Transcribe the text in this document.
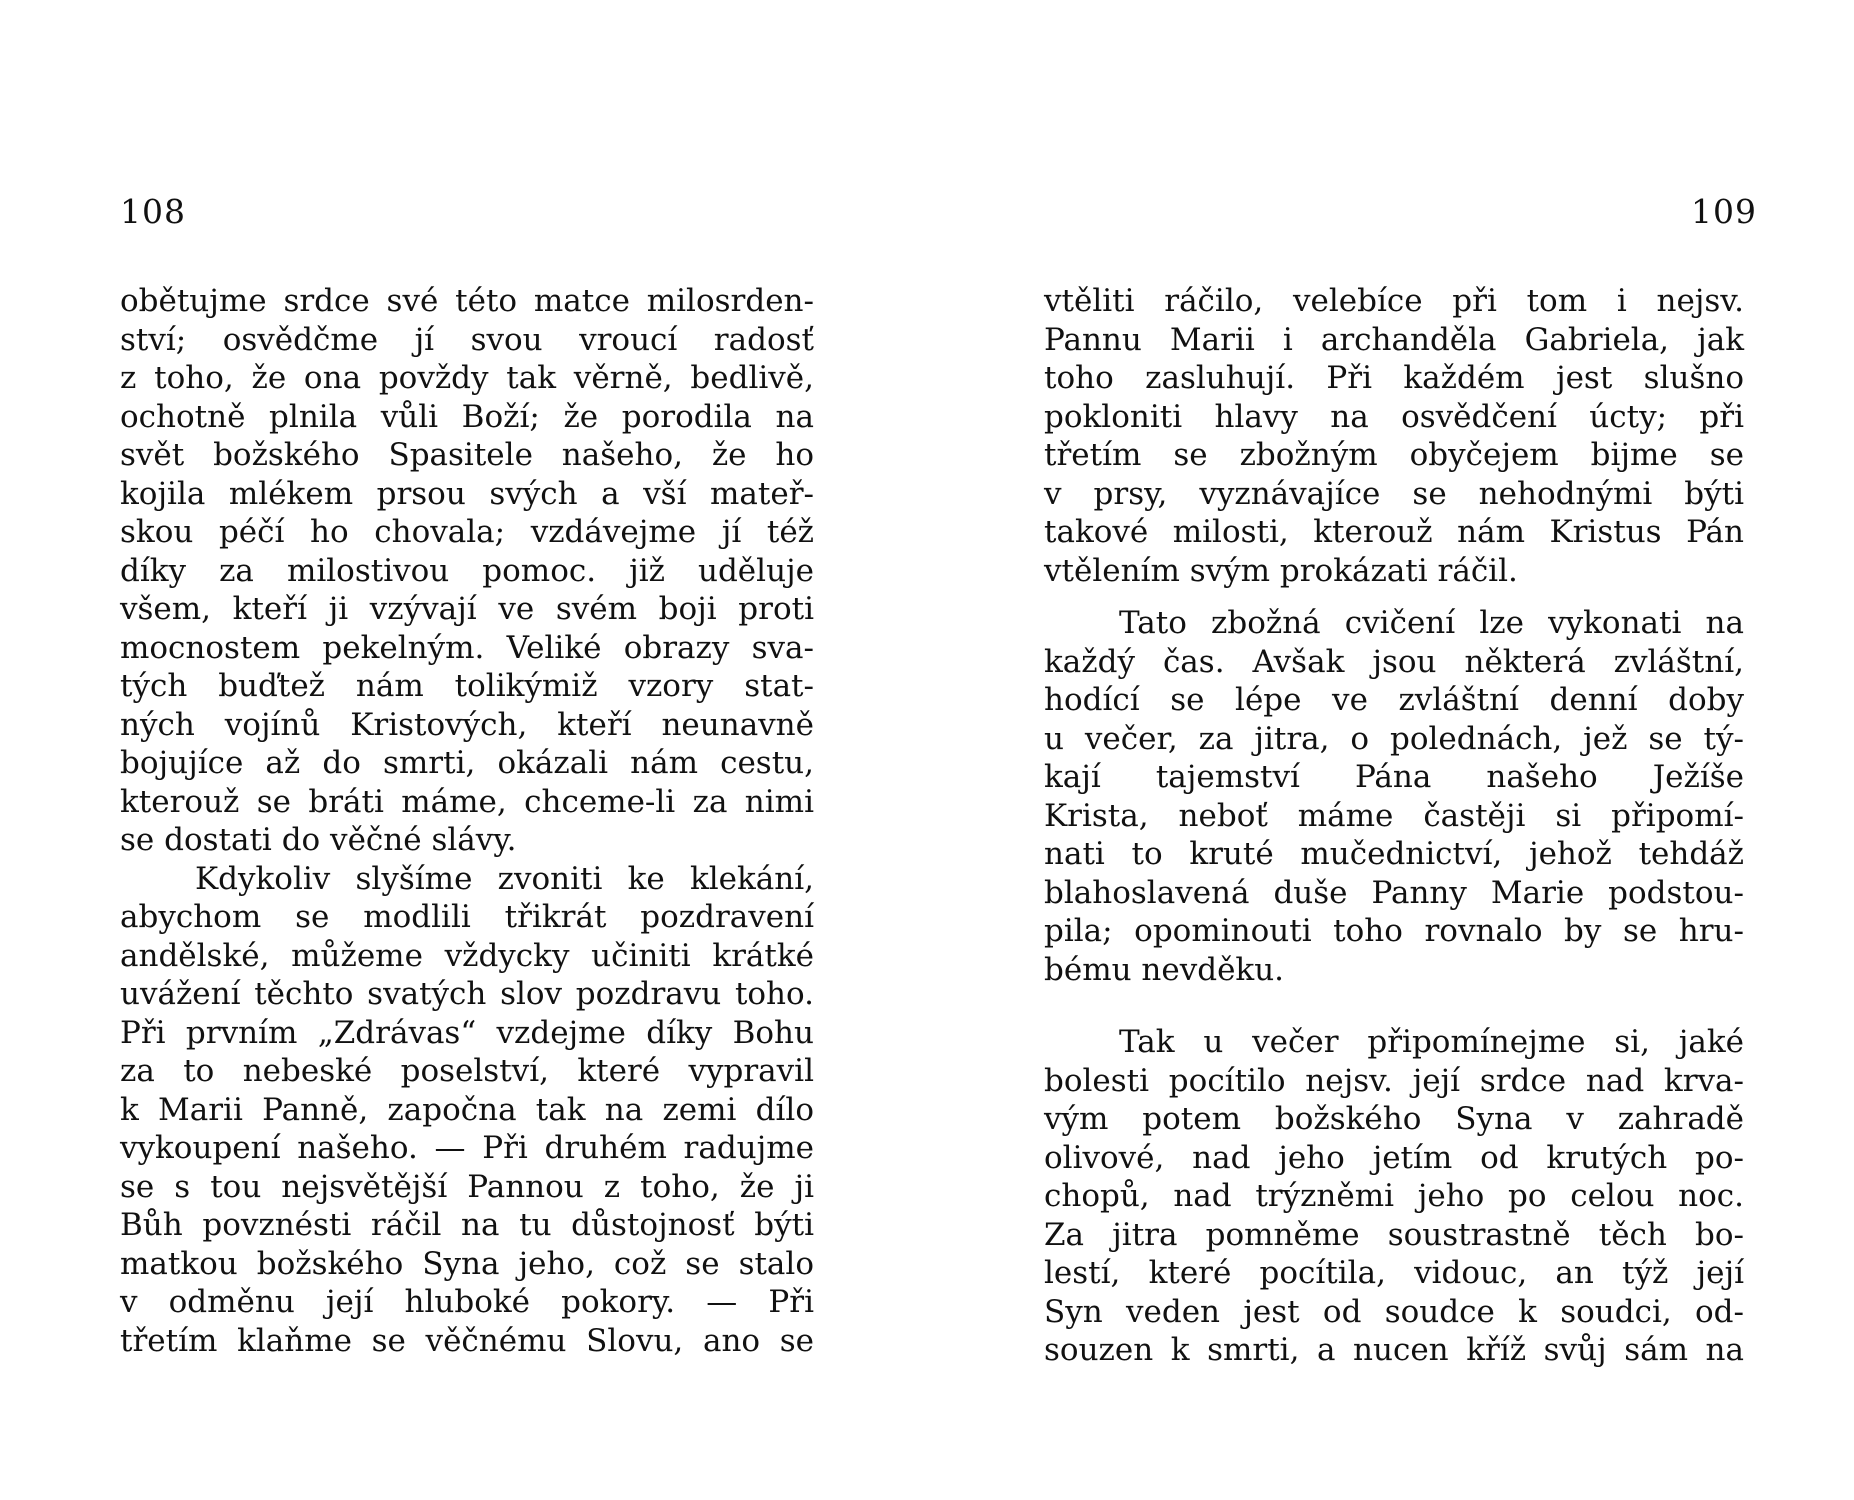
108
obětujme srdce své této matce milosrden-
ství; osvědčme jí svou vroucí radosť
z toho, že ona povždy tak věrně, bedlivě,
ochotně plnila vůli Boží; že porodila na
svět božského Spasitele našeho, že ho
kojila mlékem prsou svých a vší mateř-
skou péčí ho chovala; vzdávejme jí též
díky za milostivou pomoc. již uděluje
všem, kteří ji vzývají ve svém boji proti
mocnostem pekelným. Veliké obrazy sva-
tých buďtež nám tolikýmiž vzory stat-
ných vojínů Kristových, kteří neunavně
bojujíce až do smrti, okázali nám cestu,
kterouž se bráti máme, chceme-li za nimi
se dostati do věčné slávy.
Kdykoliv slyšíme zvoniti ke klekání,
abychom se modlili třikrát pozdravení
andělské, můžeme vždycky učiniti krátké
uvážení těchto svatých slov pozdravu toho.
Při prvním „Zdrávas“ vzdejme díky Bohu
za to nebeské poselství, které vypravil
k Marii Panně, započna tak na zemi dílo
vykoupení našeho. — Při druhém radujme
se s tou nejsvětější Pannou z toho, že ji
Bůh povznésti ráčil na tu důstojnosť býti
matkou božského Syna jeho, což se stalo
v odměnu její hluboké pokory. — Při
třetím klaňme se věčnému Slovu, ano se
109
vtěliti ráčilo, velebíce při tom i nejsv.
Pannu Marii i archanděla Gabriela, jak
toho zasluhují. Při každém jest slušno
pokloniti hlavy na osvědčení úcty; při
třetím se zbožným obyčejem bijme se
v prsy, vyznávajíce se nehodnými býti
takové milosti, kterouž nám Kristus Pán
vtělením svým prokázati ráčil.
Tato zbožná cvičení lze vykonati na
každý čas. Avšak jsou některá zvláštní,
hodící se lépe ve zvláštní denní doby
u večer, za jitra, o polednách, jež se tý-
kají tajemství Pána našeho Ježíše
Krista, neboť máme častěji si připomí-
nati to kruté mučednictví, jehož tehdáž
blahoslavená duše Panny Marie podstou-
pila; opominouti toho rovnalo by se hru-
bému nevděku.
Tak u večer připomínejme si, jaké
bolesti pocítilo nejsv. její srdce nad krva-
vým potem božského Syna v zahradě
olivové, nad jeho jetím od krutých po-
chopů, nad trýzněmi jeho po celou noc.
Za jitra pomněme soustrastně těch bo-
lestí, které pocítila, vidouc, an týž její
Syn veden jest od soudce k soudci, od-
souzen k smrti, a nucen kříž svůj sám na
